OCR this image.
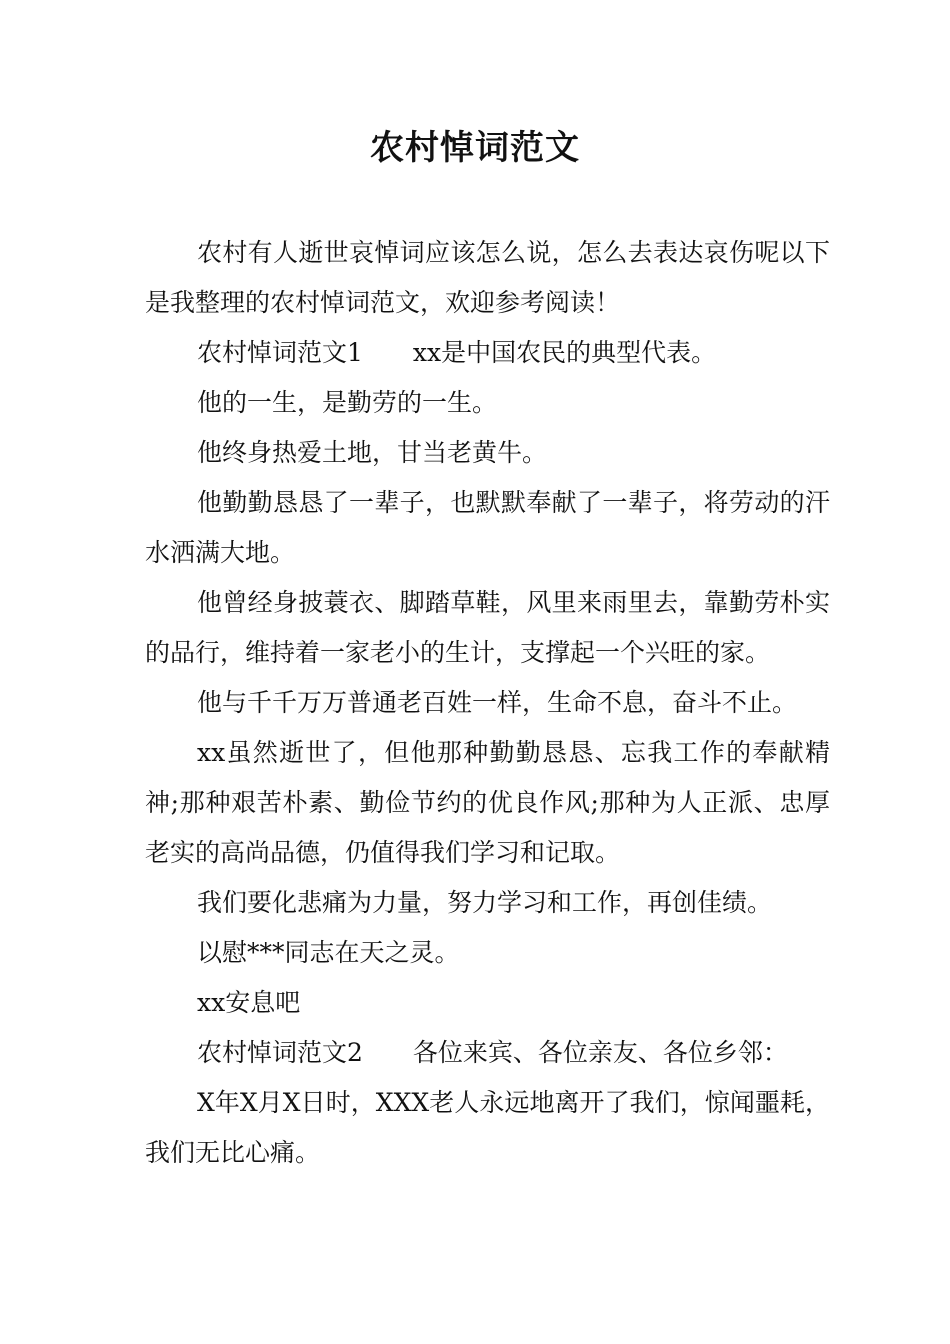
农村悼词范文

农村有人逝世哀悼词应该怎么说，怎么去表达哀伤呢以下是我整理的农村悼词范文，欢迎参考阅读！

农村悼词范文1　　xx是中国农民的典型代表。

他的一生，是勤劳的一生。

他终身热爱土地，甘当老黄牛。

他勤勤恳恳了一辈子，也默默奉献了一辈子，将劳动的汗水洒满大地。

他曾经身披蓑衣、脚踏草鞋，风里来雨里去，靠勤劳朴实的品行，维持着一家老小的生计，支撑起一个兴旺的家。

他与千千万万普通老百姓一样，生命不息，奋斗不止。

xx虽然逝世了，但他那种勤勤恳恳、忘我工作的奉献精神;那种艰苦朴素、勤俭节约的优良作风;那种为人正派、忠厚老实的高尚品德，仍值得我们学习和记取。

我们要化悲痛为力量，努力学习和工作，再创佳绩。

以慰***同志在天之灵。

xx安息吧

农村悼词范文2　　各位来宾、各位亲友、各位乡邻：

X年X月X日时，XXX老人永远地离开了我们，惊闻噩耗，我们无比心痛。
